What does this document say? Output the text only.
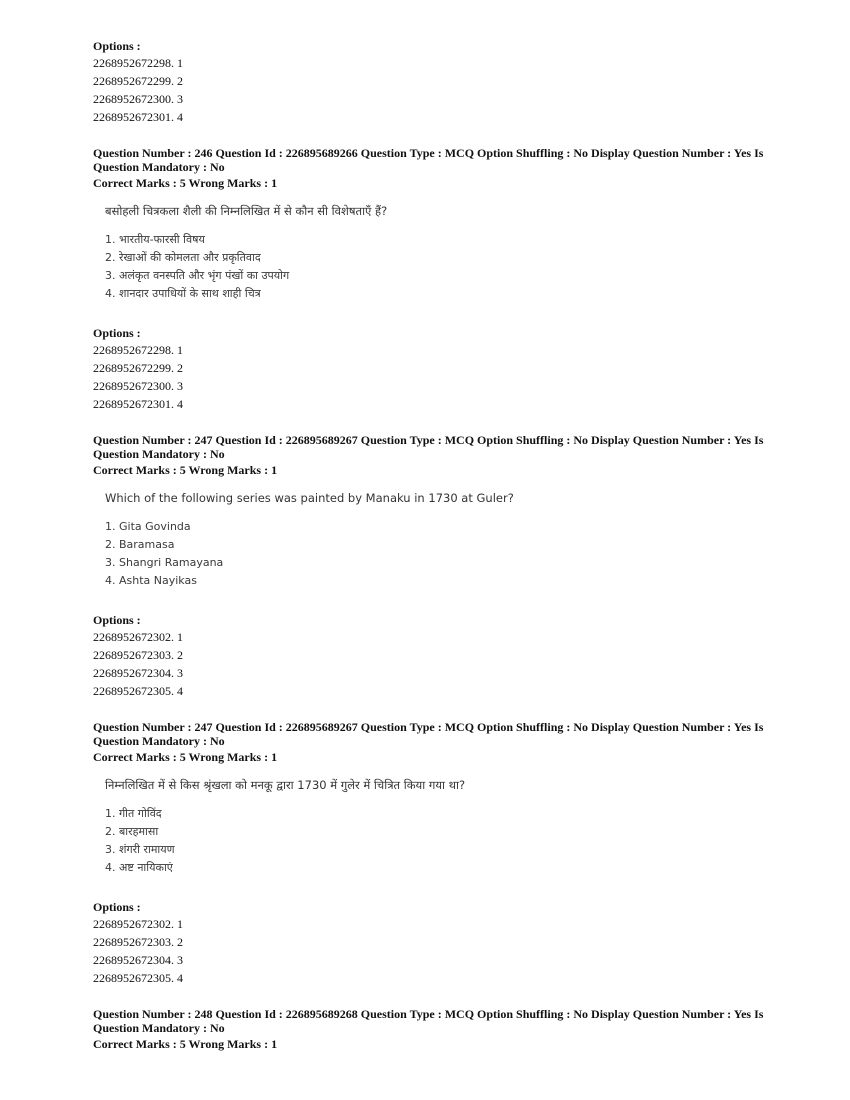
Options :
2268952672298. 1
2268952672299. 2
2268952672300. 3
2268952672301. 4
Question Number : 246 Question Id : 226895689266 Question Type : MCQ Option Shuffling : No Display Question Number : Yes Is
Question Mandatory : No
Correct Marks : 5 Wrong Marks : 1
बसोहली चित्रकला शैली की निम्नलिखित में से कौन सी विशेषताएँ हैं?
1. भारतीय-फारसी विषय
2. रेखाओं की कोमलता और प्रकृतिवाद
3. अलंकृत वनस्पति और भृंग पंखों का उपयोग
4. शानदार उपाधियों के साथ शाही चित्र
Options :
2268952672298. 1
2268952672299. 2
2268952672300. 3
2268952672301. 4
Question Number : 247 Question Id : 226895689267 Question Type : MCQ Option Shuffling : No Display Question Number : Yes Is
Question Mandatory : No
Correct Marks : 5 Wrong Marks : 1
Which of the following series was painted by Manaku in 1730 at Guler?
1. Gita Govinda
2. Baramasa
3. Shangri Ramayana
4. Ashta Nayikas
Options :
2268952672302. 1
2268952672303. 2
2268952672304. 3
2268952672305. 4
Question Number : 247 Question Id : 226895689267 Question Type : MCQ Option Shuffling : No Display Question Number : Yes Is
Question Mandatory : No
Correct Marks : 5 Wrong Marks : 1
निम्नलिखित में से किस श्रृंखला को मनकू द्वारा 1730 में गुलेर में चित्रित किया गया था?
1. गीत गोविंद
2. बारहमासा
3. शंगरी रामायण
4. अष्ट नायिकाएं
Options :
2268952672302. 1
2268952672303. 2
2268952672304. 3
2268952672305. 4
Question Number : 248 Question Id : 226895689268 Question Type : MCQ Option Shuffling : No Display Question Number : Yes Is
Question Mandatory : No
Correct Marks : 5 Wrong Marks : 1
